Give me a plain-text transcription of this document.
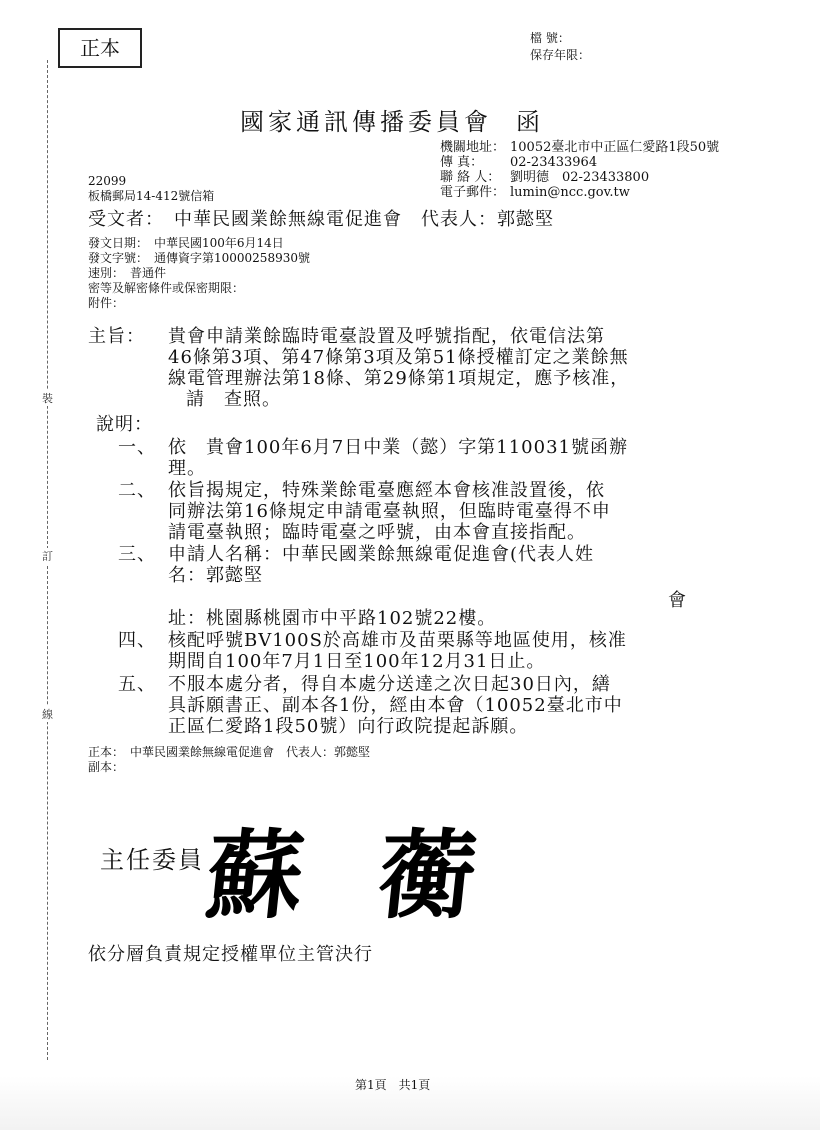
裝
訂
線
正本	檔 號：
保存年限：
國家通訊傳播委員會 函
機關地址： 10052臺北市中正區仁愛路1段50號
傳 真： 02-23433964
聯 絡 人： 劉明德　02-23433800
電子郵件： lumin@ncc.gov.tw
22099
板橋郵局14-412號信箱
受文者：　中華民國業餘無線電促進會　代表人：郭懿堅
發文日期：　中華民國100年6月14日
發文字號：　通傳資字第10000258930號
速別：　普通件
密等及解密條件或保密期限：
附件：
主旨： 貴會申請業餘臨時電臺設置及呼號指配，依電信法第
46條第3項、第47條第3項及第51條授權訂定之業餘無
線電管理辦法第18條、第29條第1項規定，應予核准，
請　查照。
說明：
一、 依　貴會100年6月7日中業（懿）字第110031號函辦
理。
二、 依旨揭規定，特殊業餘電臺應經本會核准設置後，依
同辦法第16條規定申請電臺執照，但臨時電臺得不申
請電臺執照；臨時電臺之呼號，由本會直接指配。
三、 申請人名稱：中華民國業餘無線電促進會(代表人姓
名：郭懿堅
會
址：桃園縣桃園市中平路102號22樓。
四、 核配呼號BV100S於高雄市及苗栗縣等地區使用，核准
期間自100年7月1日至100年12月31日止。
五、 不服本處分者，得自本處分送達之次日起30日內，繕
具訴願書正、副本各1份，經由本會（10052臺北市中
正區仁愛路1段50號）向行政院提起訴願。
正本：　中華民國業餘無線電促進會　代表人：郭懿堅
副本：
主任委員
蘇 蘅
依分層負責規定授權單位主管決行
第1頁　共1頁
